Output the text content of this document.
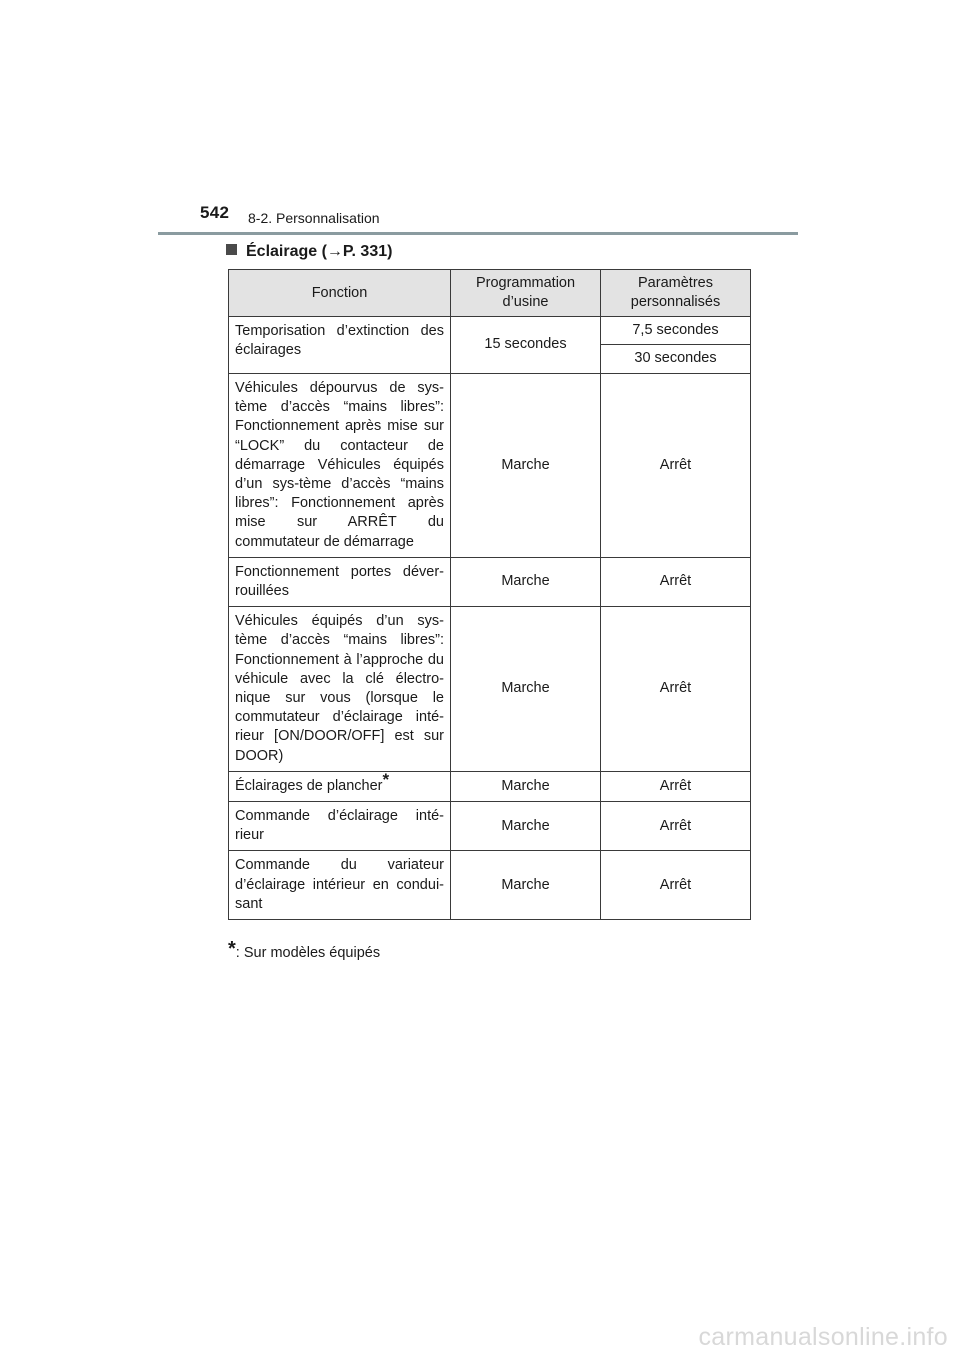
542 8-2. Personnalisation
Éclairage (→P. 331)
Fonction	Programmation d’usine	Paramètres personnalisés

Temporisation d’extinction des éclairages	15 secondes	7,5 secondes
		30 secondes
Véhicules dépourvus de sys-tème d’accès “mains libres”: Fonctionnement après mise sur “LOCK” du contacteur de démarrage Véhicules équipés d’un sys-tème d’accès “mains libres”: Fonctionnement après mise sur ARRÊT du commutateur de démarrage	Marche	Arrêt
Fonctionnement portes déver-rouillées	Marche	Arrêt
Véhicules équipés d’un sys-tème d’accès “mains libres”: Fonctionnement à l’approche du véhicule avec la clé électro-nique sur vous (lorsque le commutateur d’éclairage inté-rieur [ON/DOOR/OFF] est sur DOOR)	Marche	Arrêt
Éclairages de plancher*	Marche	Arrêt
Commande d’éclairage inté-rieur	Marche	Arrêt
Commande du variateur d’éclairage intérieur en condui-sant	Marche	Arrêt
*: Sur modèles équipés
carmanualsonline.info
